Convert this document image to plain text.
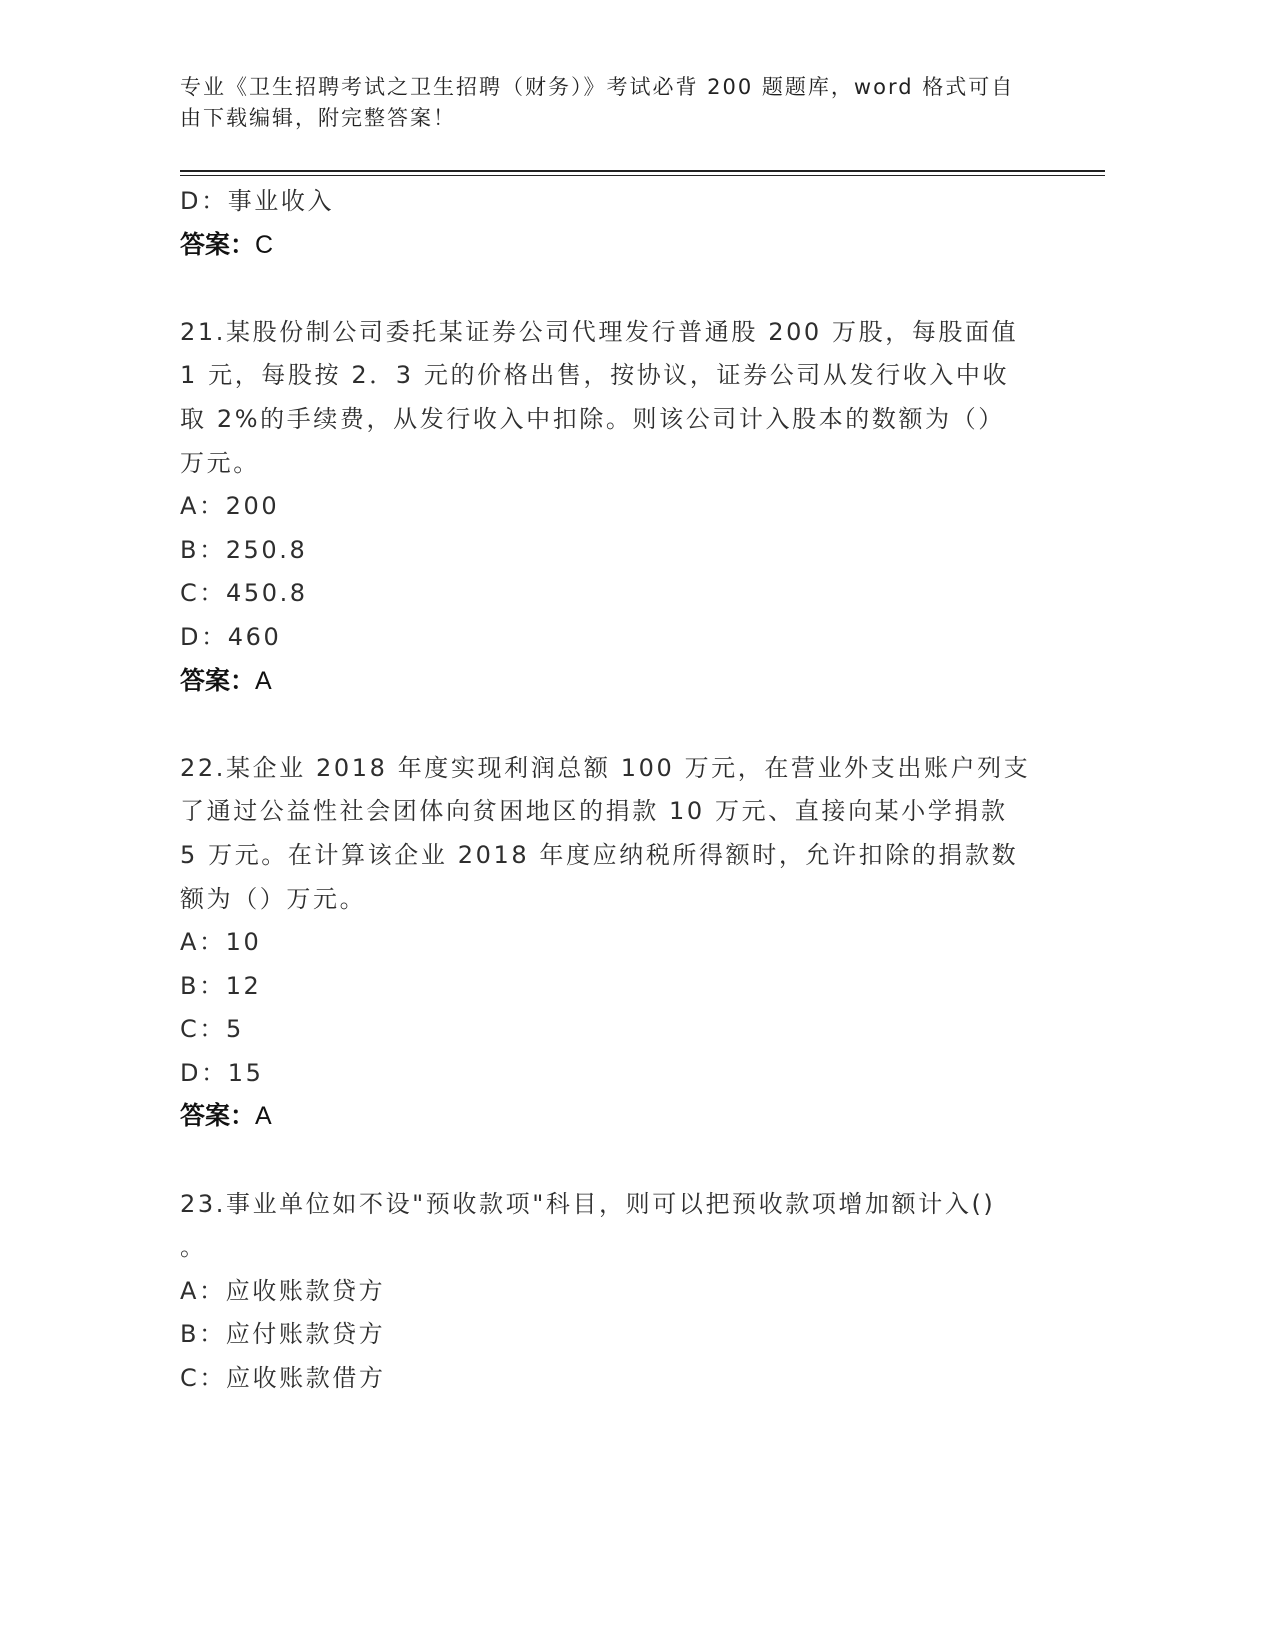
专业《卫生招聘考试之卫生招聘（财务）》考试必背 200 题题库，word 格式可自
由下载编辑，附完整答案！
D：事业收入
答案：C
21.某股份制公司委托某证券公司代理发行普通股 200 万股，每股面值
1 元，每股按 2．3 元的价格出售，按协议，证券公司从发行收入中收
取 2%的手续费，从发行收入中扣除。则该公司计入股本的数额为（）
万元。
A：200
B：250.8
C：450.8
D：460
答案：A
22.某企业 2018 年度实现利润总额 100 万元，在营业外支出账户列支
了通过公益性社会团体向贫困地区的捐款 10 万元、直接向某小学捐款
5 万元。在计算该企业 2018 年度应纳税所得额时，允许扣除的捐款数
额为（）万元。
A：10
B：12
C：5
D：15
答案：A
23.事业单位如不设"预收款项"科目，则可以把预收款项增加额计入()
。
A：应收账款贷方
B：应付账款贷方
C：应收账款借方
